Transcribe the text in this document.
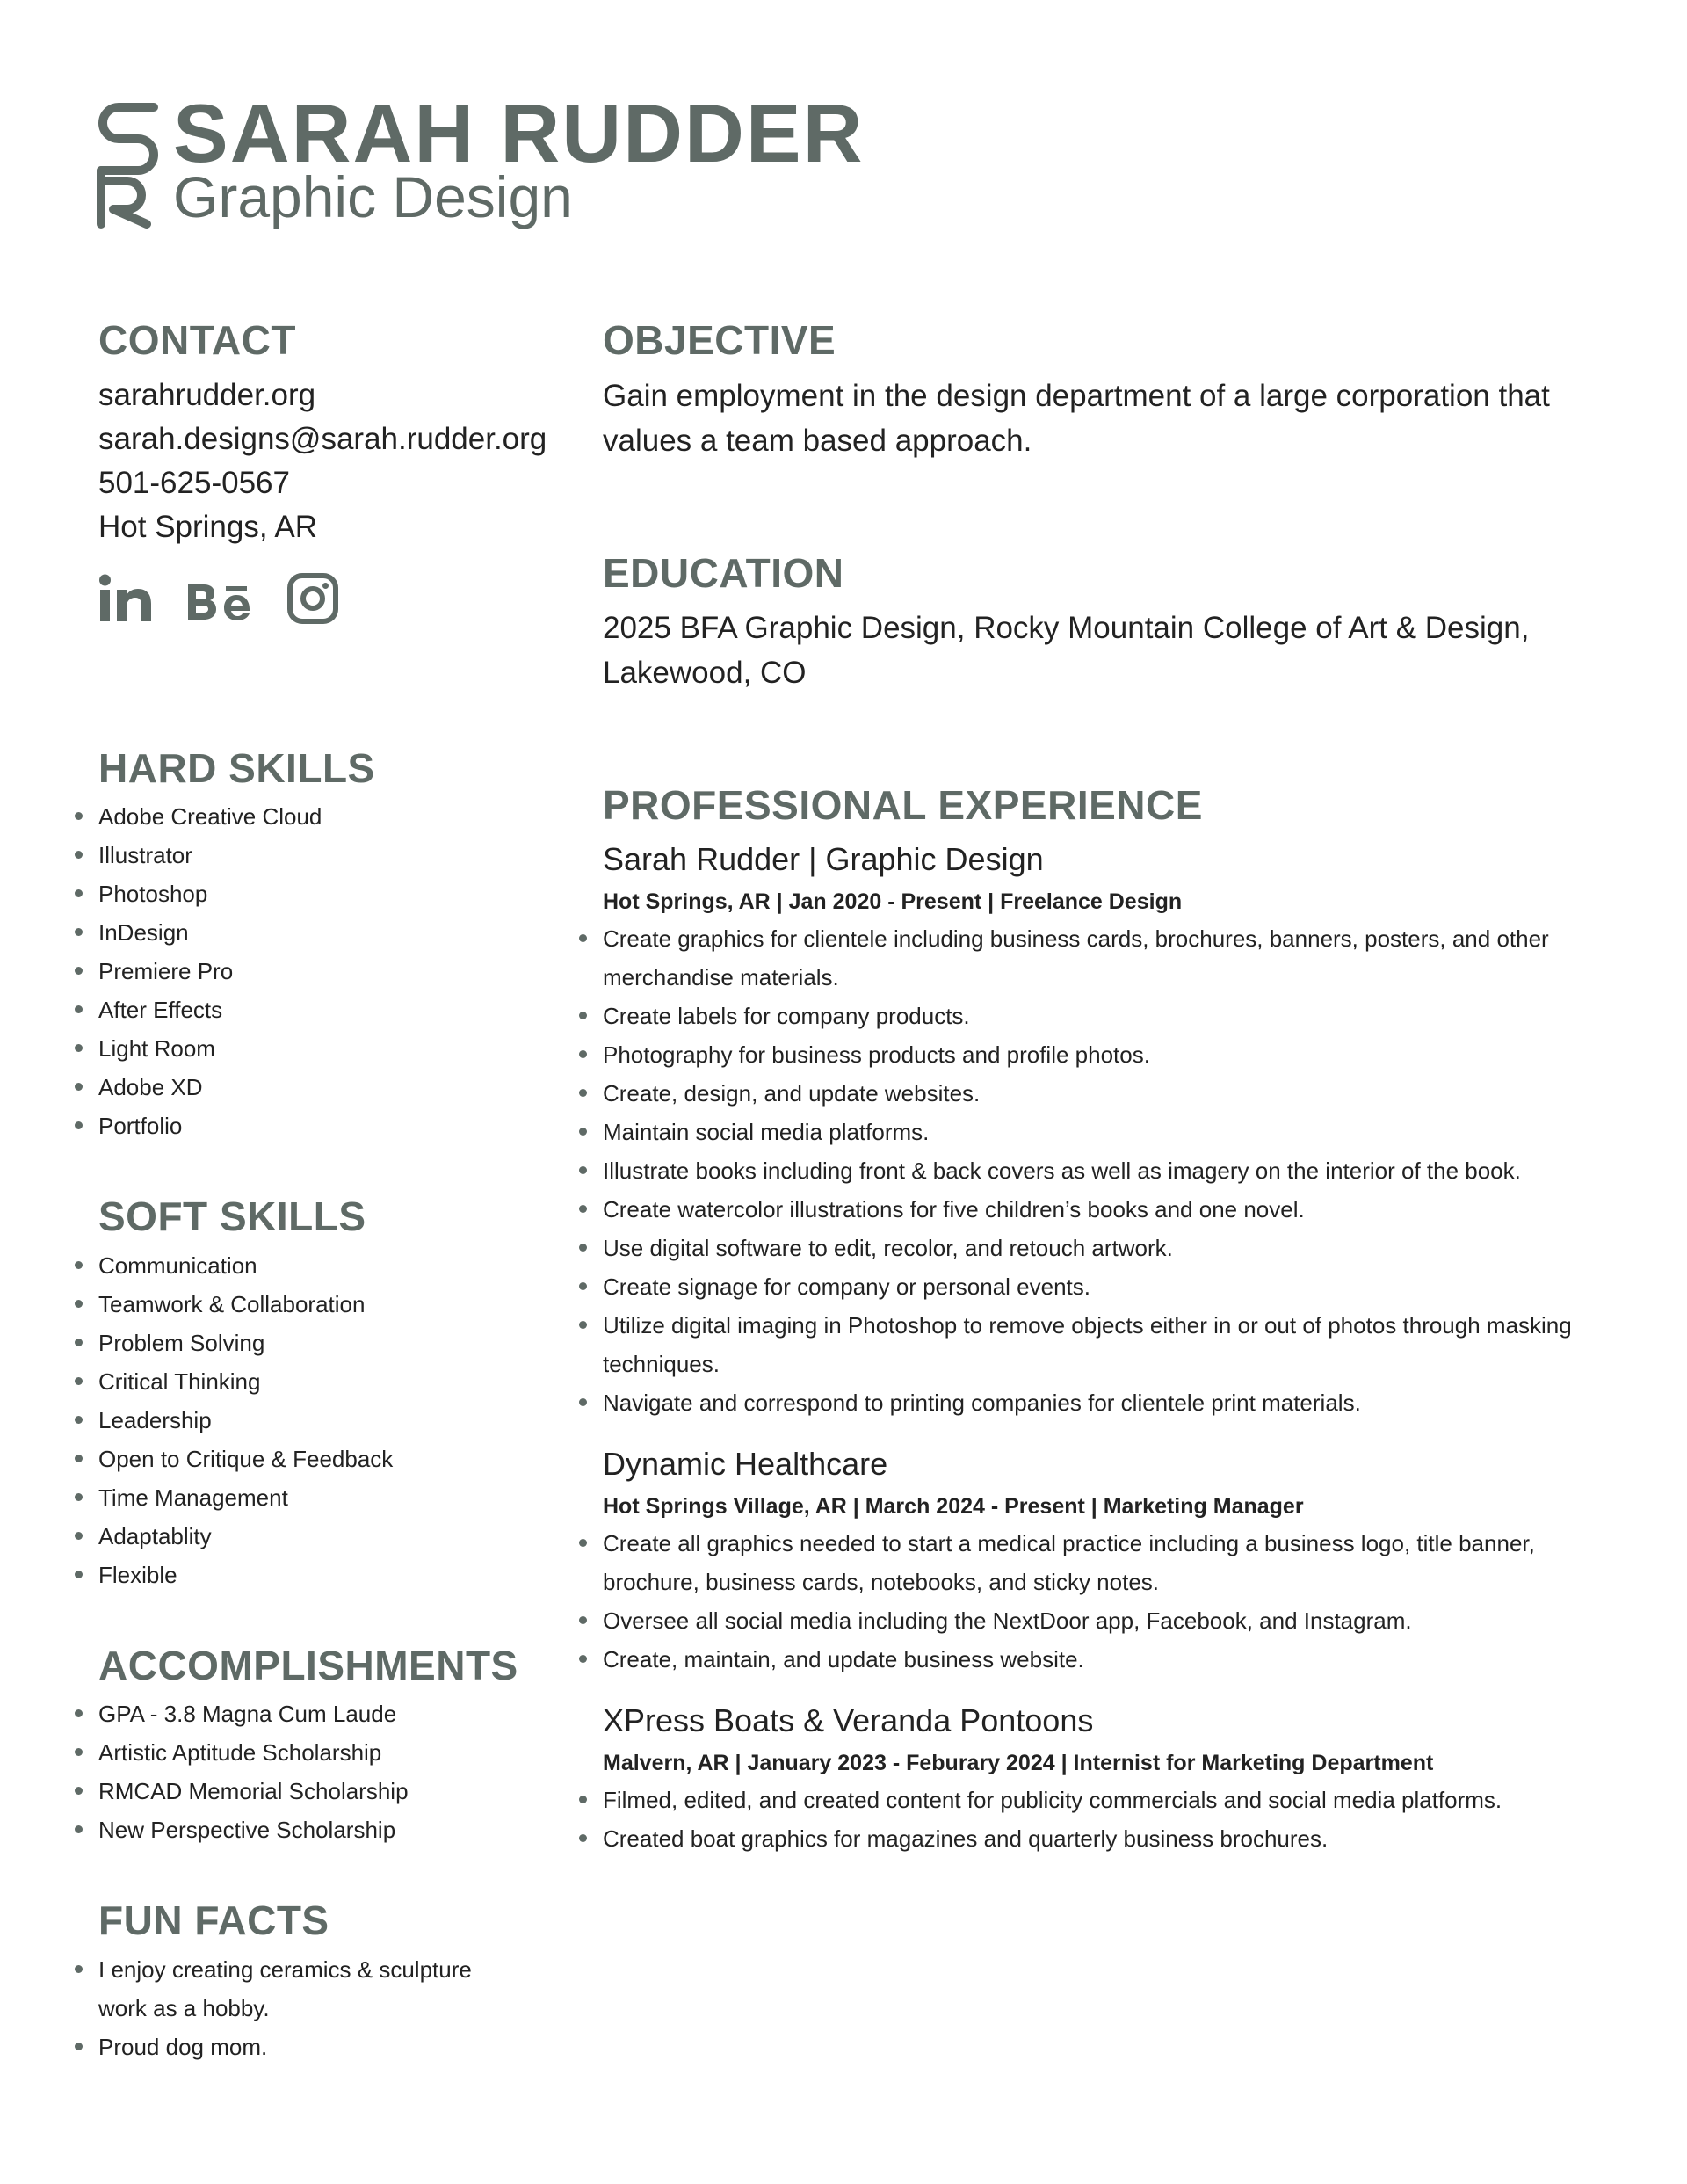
SARAH RUDDER
Graphic Design
CONTACT

sarahrudder.org

sarah.designs@sarah.rudder.org

501-625-0567

Hot Springs, AR

HARD SKILLS
Adobe Creative Cloud
Illustrator
Photoshop
InDesign
Premiere Pro
After Effects
Light Room
Adobe XD
Portfolio
SOFT SKILLS
Communication
Teamwork & Collaboration
Problem Solving
Critical Thinking
Leadership
Open to Critique & Feedback
Time Management
Adaptablity
Flexible
ACCOMPLISHMENTS
GPA - 3.8 Magna Cum Laude
Artistic Aptitude Scholarship
RMCAD Memorial Scholarship
New Perspective Scholarship
FUN FACTS
I enjoy creating ceramics & sculpture work as a hobby.
Proud dog mom.
OBJECTIVE

Gain employment in the design department of a large corporation that values a team based approach.

EDUCATION

2025 BFA Graphic Design, Rocky Mountain College of Art & Design, Lakewood, CO

PROFESSIONAL EXPERIENCE

Sarah Rudder | Graphic Design

Hot Springs, AR | Jan 2020 - Present | Freelance Design

Create graphics for clientele including business cards, brochures, banners, posters, and other merchandise materials.
Create labels for company products.
Photography for business products and profile photos.
Create, design, and update websites.
Maintain social media platforms.
Illustrate books including front & back covers as well as imagery on the interior of the book.
Create watercolor illustrations for five children’s books and one novel.
Use digital software to edit, recolor, and retouch artwork.
Create signage for company or personal events.
Utilize digital imaging in Photoshop to remove objects either in or out of photos through masking techniques.
Navigate and correspond to printing companies for clientele print materials.

Dynamic Healthcare

Hot Springs Village, AR | March 2024 - Present | Marketing Manager

Create all graphics needed to start a medical practice including a business logo, title banner, brochure, business cards, notebooks, and sticky notes.
Oversee all social media including the NextDoor app, Facebook, and Instagram.
Create, maintain, and update business website.

XPress Boats & Veranda Pontoons

Malvern, AR | January 2023 - Feburary 2024 | Internist for Marketing Department

Filmed, edited, and created content for publicity commercials and social media platforms.
Created boat graphics for magazines and quarterly business brochures.
